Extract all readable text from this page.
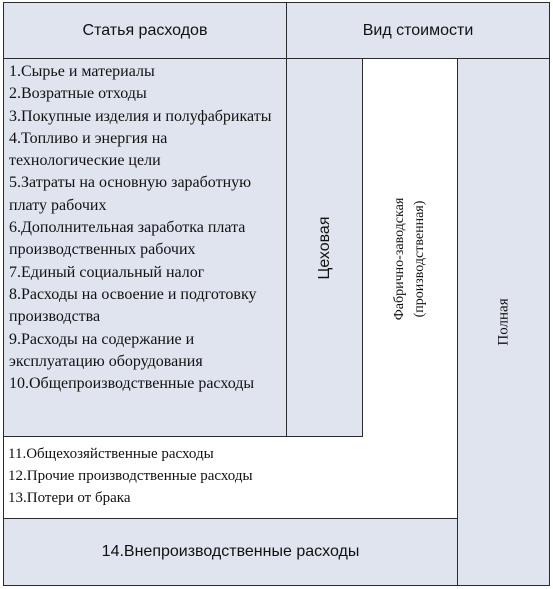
Статья расходов	Вид стоимости
14.Внепроизводственные расходы
Полная
1.Сырье и материалы
2.Возратные отходы
3.Покупные изделия и полуфабрикаты
4.Топливо и энергия на технологические цели
5.Затраты на основную заработную плату рабочих
6.Дополнительная заработка плата производственных рабочих
7.Единый социальный налог
8.Расходы на освоение и подготовку производства
9.Расходы на содержание и эксплуатацию оборудования
10.Общепроизводственные расходы
Цеховая	Фабрично-заводская (производственная)
11.Общехозяйственные расходы
12.Прочие производственные расходы
13.Потери от брака
